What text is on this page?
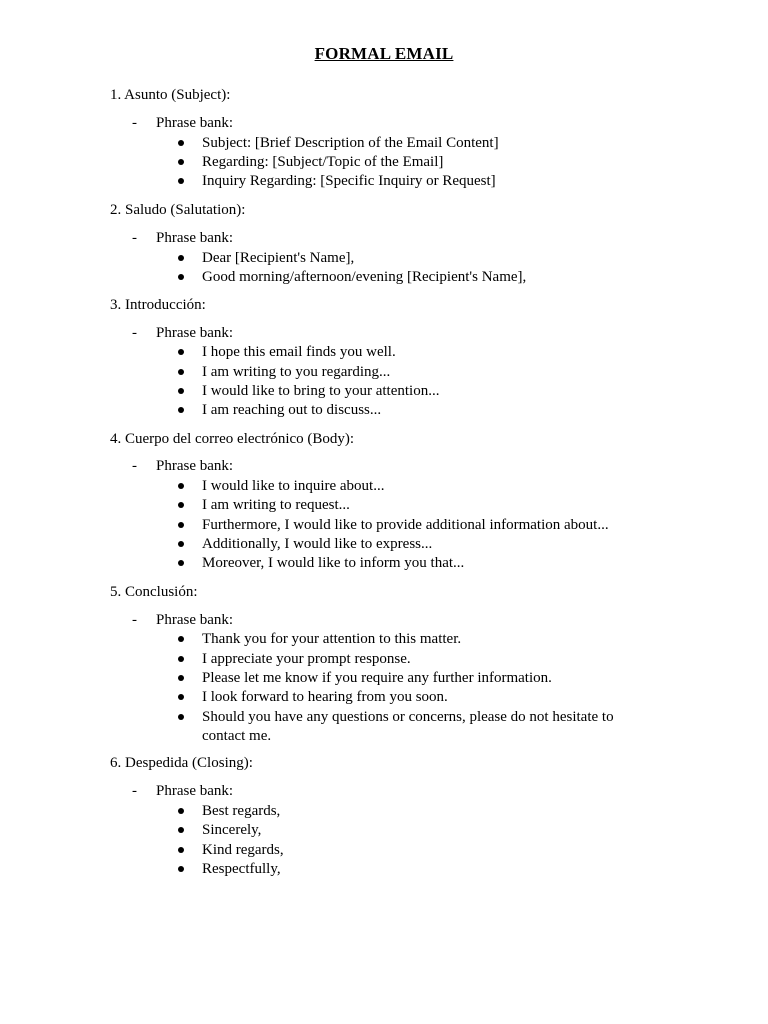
FORMAL EMAIL
1. Asunto (Subject):
- Phrase bank:
Subject: [Brief Description of the Email Content]
Regarding: [Subject/Topic of the Email]
Inquiry Regarding: [Specific Inquiry or Request]
2. Saludo (Salutation):
- Phrase bank:
Dear [Recipient's Name],
Good morning/afternoon/evening [Recipient's Name],
3. Introducción:
- Phrase bank:
I hope this email finds you well.
I am writing to you regarding...
I would like to bring to your attention...
I am reaching out to discuss...
4. Cuerpo del correo electrónico (Body):
- Phrase bank:
I would like to inquire about...
I am writing to request...
Furthermore, I would like to provide additional information about...
Additionally, I would like to express...
Moreover, I would like to inform you that...
5. Conclusión:
- Phrase bank:
Thank you for your attention to this matter.
I appreciate your prompt response.
Please let me know if you require any further information.
I look forward to hearing from you soon.
Should you have any questions or concerns, please do not hesitate to contact me.
6. Despedida (Closing):
- Phrase bank:
Best regards,
Sincerely,
Kind regards,
Respectfully,
